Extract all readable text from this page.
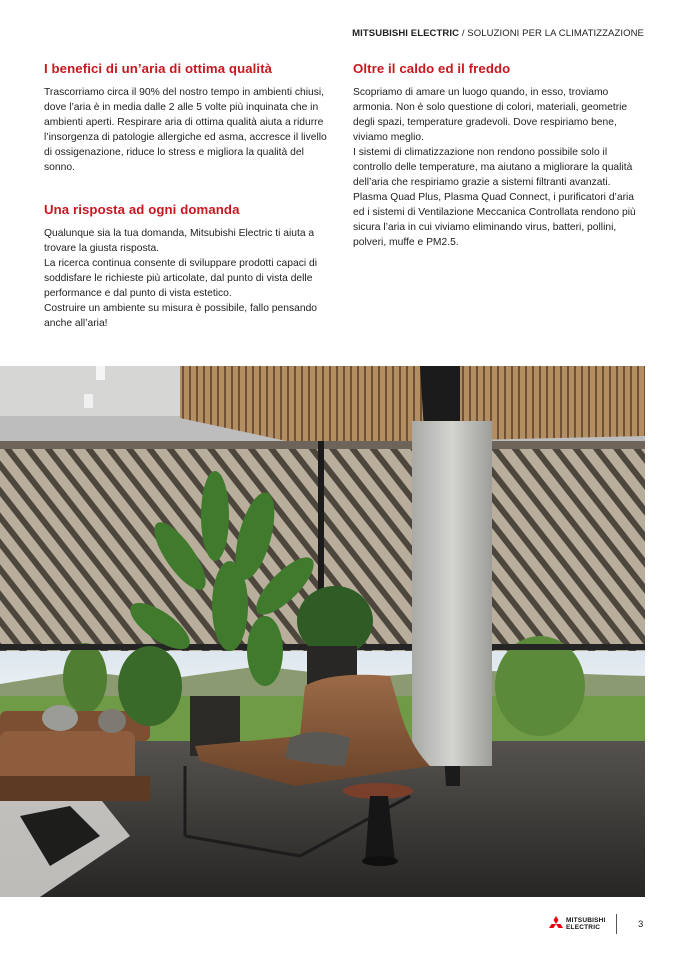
MITSUBISHI ELECTRIC / SOLUZIONI PER LA CLIMATIZZAZIONE
I benefici di un’aria di ottima qualità

Trascorriamo circa il 90% del nostro tempo in ambienti chiusi, dove l’aria è in media dalle 2 alle 5 volte più inquinata che in ambienti aperti. Respirare aria di ottima qualità aiuta a ridurre l’insorgenza di patologie allergiche ed asma, accresce il livello di ossigenazione, riduce lo stress e migliora la qualità del sonno.

Una risposta ad ogni domanda

Qualunque sia la tua domanda, Mitsubishi Electric ti aiuta a trovare la giusta risposta.

La ricerca continua consente di sviluppare prodotti capaci di soddisfare le richieste più articolate, dal punto di vista delle performance e dal punto di vista estetico.

Costruire un ambiente su misura è possibile, fallo pensando anche all’aria!

Oltre il caldo ed il freddo

Scopriamo di amare un luogo quando, in esso, troviamo armonia. Non è solo questione di colori, materiali, geometrie degli spazi, temperature gradevoli. Dove respiriamo bene, viviamo meglio.

I sistemi di climatizzazione non rendono possibile solo il controllo delle temperature, ma aiutano a migliorare la qualità dell’aria che respiriamo grazie a sistemi filtranti avanzati. Plasma Quad Plus, Plasma Quad Connect, i purificatori d’aria ed i sistemi di Ventilazione Meccanica Controllata rendono più sicura l’aria in cui viviamo eliminando virus, batteri, pollini, polveri, muffe e PM2.5.

MITSUBISHI
ELECTRIC	3
